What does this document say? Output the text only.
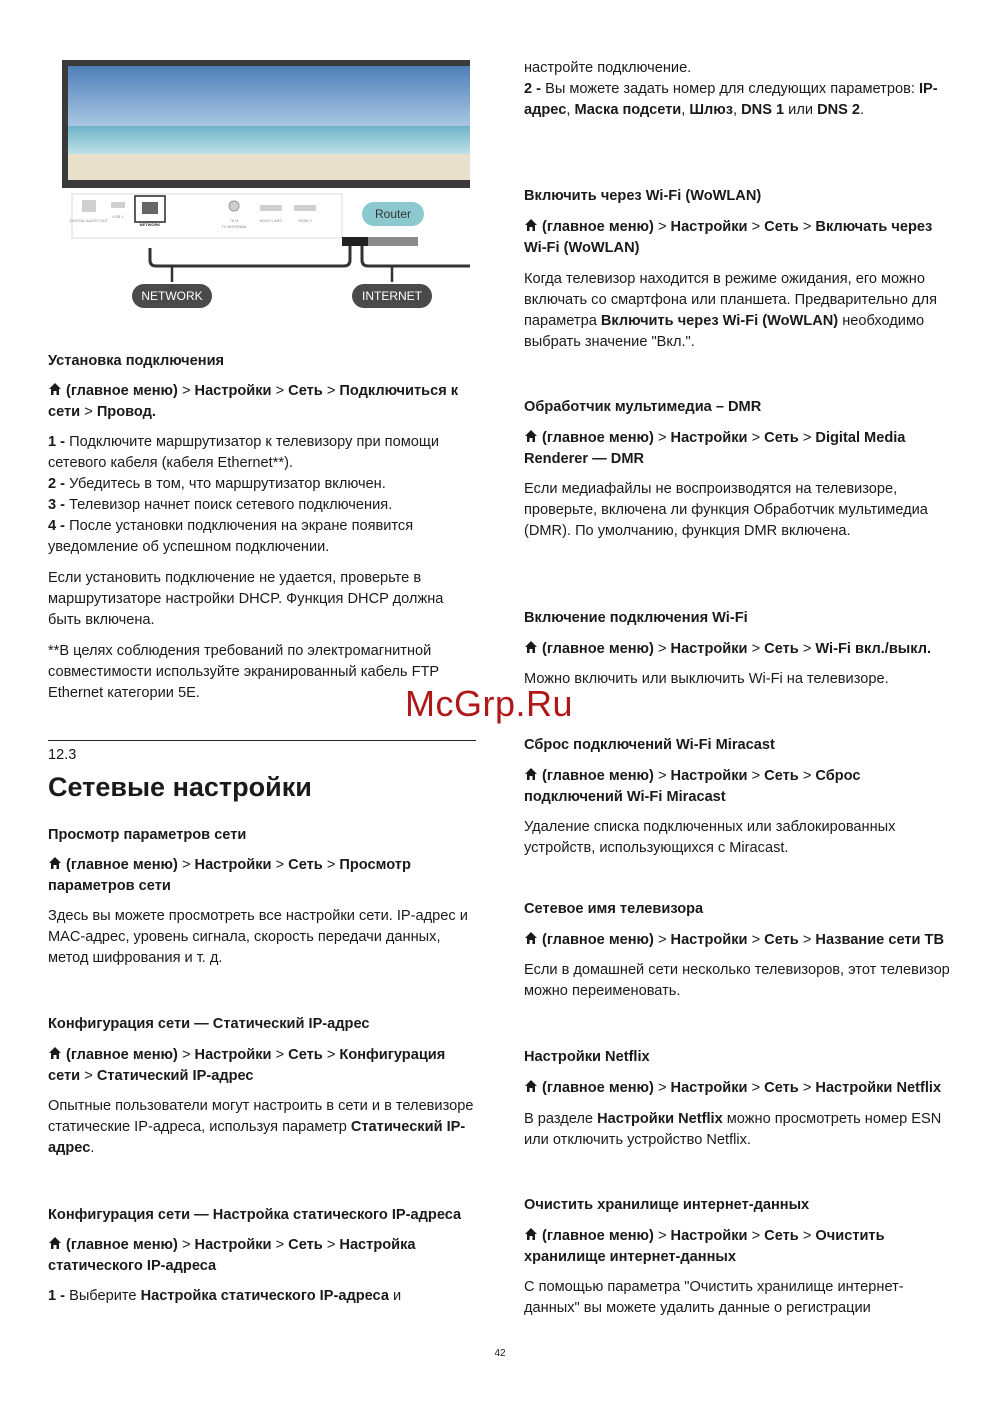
DIGITAL AUDIO OUT
USB 1
NETWORK
75 Ω
TV ANTENNA
HDMI 1 ARC	HDMI 2	Router
NETWORK	INTERNET
Установка подключения
(главное меню) > Настройки > Сеть > Подключиться к сети > Провод.

1 - Подключите маршрутизатор к телевизору при помощи сетевого кабеля (кабеля Ethernet**).

2 - Убедитесь в том, что маршрутизатор включен.

3 - Телевизор начнет поиск сетевого подключения.

4 - После установки подключения на экране появится уведомление об успешном подключении.

Если установить подключение не удается, проверьте в маршрутизаторе настройки DHCP. Функция DHCP должна быть включена.

**В целях соблюдения требований по электромагнитной совместимости используйте экранированный кабель FTP Ethernet категории 5E.

12.3
Сетевые настройки
Просмотр параметров сети
(главное меню) > Настройки > Сеть > Просмотр параметров сети

Здесь вы можете просмотреть все настройки сети. IP-адрес и MAC-адрес, уровень сигнала, скорость передачи данных, метод шифрования и т. д.

Конфигурация сети — Статический IP-адрес
(главное меню) > Настройки > Сеть > Конфигурация сети > Статический IP-адрес

Опытные пользователи могут настроить в сети и в телевизоре статические IP-адреса, используя параметр Статический IP-адрес.

Конфигурация сети — Настройка статического IP-адреса
(главное меню) > Настройки > Сеть > Настройка статического IP-адреса

1 - Выберите Настройка статического IP-адреса и

настройте подключение.
2 - Вы можете задать номер для следующих параметров: IP-адрес, Маска подсети, Шлюз, DNS 1 или DNS 2.

Включить через Wi-Fi (WoWLAN)
(главное меню) > Настройки > Сеть > Включать через Wi-Fi (WoWLAN)

Когда телевизор находится в режиме ожидания, его можно включать со смартфона или планшета. Предварительно для параметра Включить через Wi-Fi (WoWLAN) необходимо выбрать значение "Вкл.".

Обработчик мультимедиа – DMR
(главное меню) > Настройки > Сеть > Digital Media Renderer — DMR

Если медиафайлы не воспроизводятся на телевизоре, проверьте, включена ли функция Обработчик мультимедиа (DMR). По умолчанию, функция DMR включена.

Включение подключения Wi-Fi
(главное меню) > Настройки > Сеть > Wi-Fi вкл./выкл.

Можно включить или выключить Wi-Fi на телевизоре.

Сброс подключений Wi-Fi Miracast
(главное меню) > Настройки > Сеть > Сброс подключений Wi-Fi Miracast

Удаление списка подключенных или заблокированных устройств, использующихся с Miracast.

Сетевое имя телевизора
(главное меню) > Настройки > Сеть > Название сети ТВ

Если в домашней сети несколько телевизоров, этот телевизор можно переименовать.

Настройки Netflix
(главное меню) > Настройки > Сеть > Настройки Netflix

В разделе Настройки Netflix можно просмотреть номер ESN или отключить устройство Netflix.

Очистить хранилище интернет-данных
(главное меню) > Настройки > Сеть > Очистить хранилище интернет-данных

С помощью параметра "Очистить хранилище интернет-данных" вы можете удалить данные о регистрации

McGrp.Ru
42
